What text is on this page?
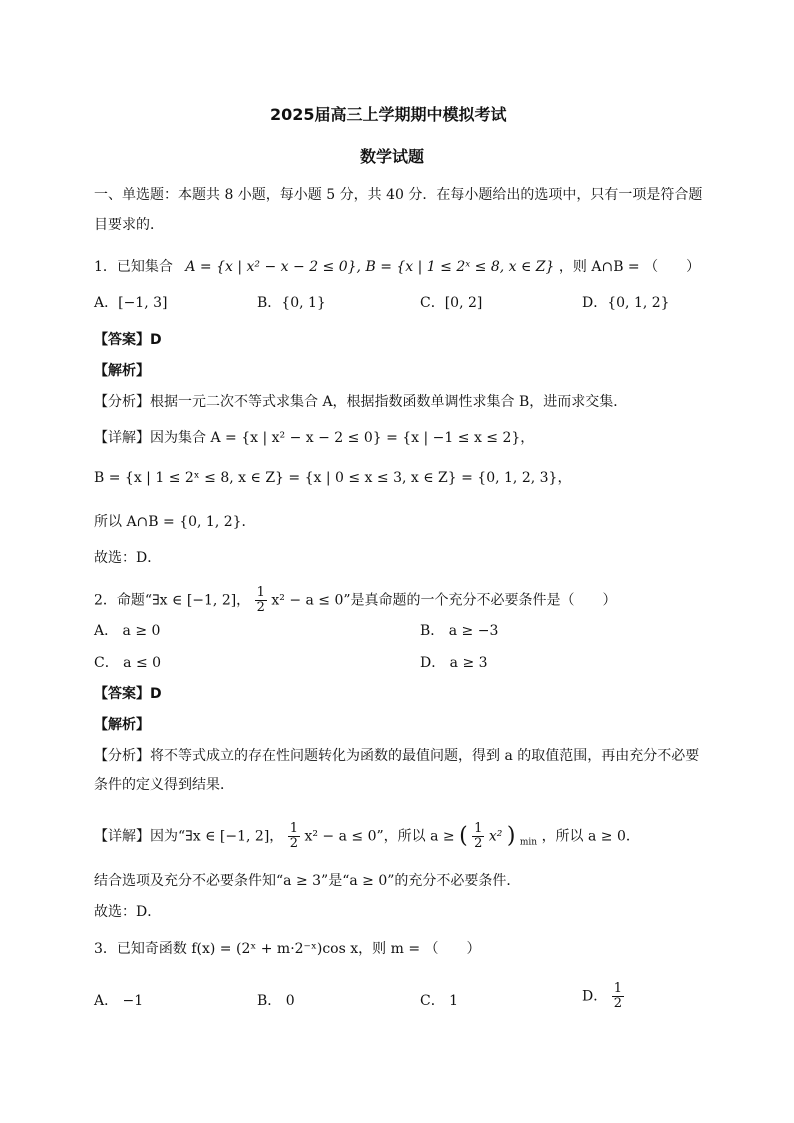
2025届高三上学期期中模拟考试
数学试题
一、单选题：本题共 8 小题，每小题 5 分，共 40 分．在每小题给出的选项中，只有一项是符合题
目要求的．
1．已知集合 A = {x | x² − x − 2 ≤ 0}, B = {x | 1 ≤ 2ˣ ≤ 8, x ∈ Z} ，则 A∩B = （　　）
A．[−1, 3]	B．{0, 1}	C．[0, 2]	D．{0, 1, 2}
【答案】D
【解析】
【分析】根据一元二次不等式求集合 A，根据指数函数单调性求集合 B，进而求交集．
【详解】因为集合 A = {x | x² − x − 2 ≤ 0} = {x | −1 ≤ x ≤ 2}，
B = {x | 1 ≤ 2ˣ ≤ 8, x ∈ Z} = {x | 0 ≤ x ≤ 3, x ∈ Z} = {0, 1, 2, 3}，
所以 A∩B = {0, 1, 2}．
故选：D．
2．命题“∃x ∈ [−1, 2]， $\frac{1}{2} x^2 - a \le 0$”是真命题的一个充分不必要条件是（　　）
A． a ≥ 0	B． a ≥ −3
C． a ≤ 0	D． a ≥ 3
【答案】D
【解析】
【分析】将不等式成立的存在性问题转化为函数的最值问题，得到 a 的取值范围，再由充分不必要
条件的定义得到结果．
【详解】因为“∃x ∈ [−1, 2]， $\frac{1}{2} x^2 - a \le 0$”，所以 a ≥ ( $\frac{1}{2} x^2$ ) $_{min}$ ，所以 a ≥ 0．
结合选项及充分不必要条件知“a ≥ 3”是“a ≥ 0”的充分不必要条件．
故选：D．
3．已知奇函数 f(x) = (2ˣ + m·2⁻ˣ)cos x，则 m = （　　）
A． −1	B． 0	C． 1	D． $\frac{1}{2}$
